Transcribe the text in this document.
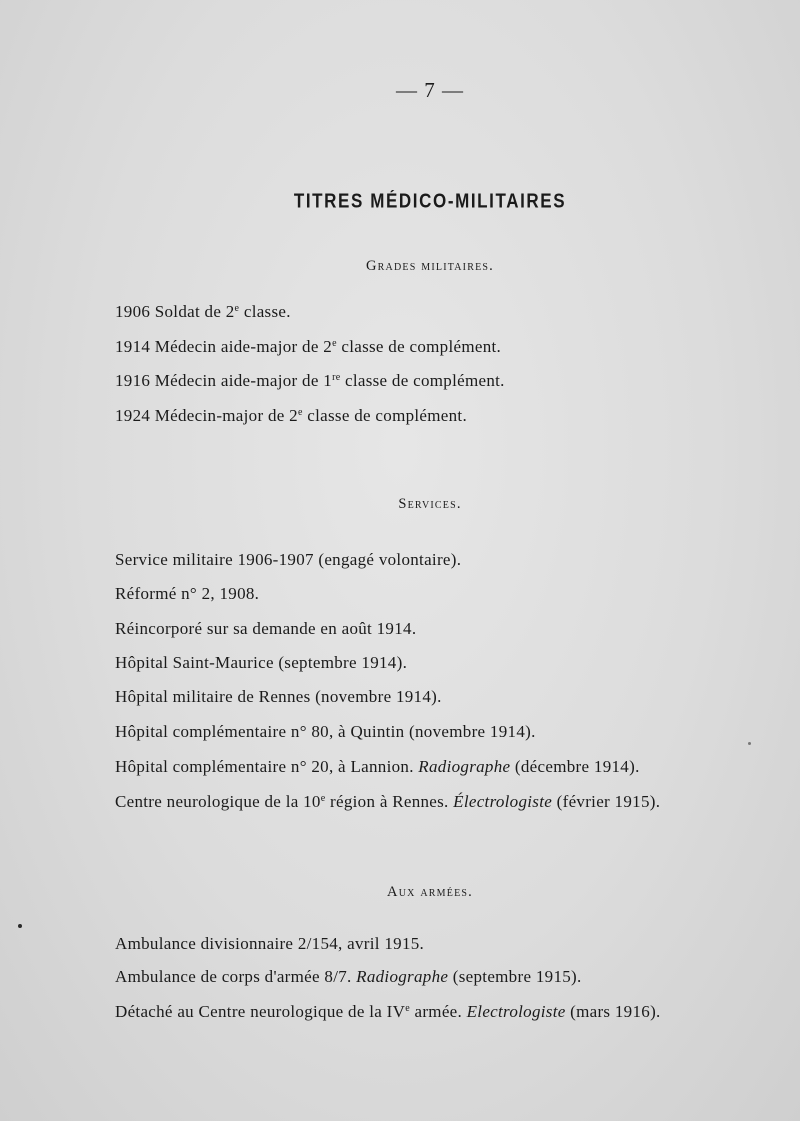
— 7 —
TITRES MÉDICO-MILITAIRES
Grades militaires.
1906 Soldat de 2e classe.
1914 Médecin aide-major de 2e classe de complément.
1916 Médecin aide-major de 1re classe de complément.
1924 Médecin-major de 2e classe de complément.
Services.
Service militaire 1906-1907 (engagé volontaire).
Réformé n° 2, 1908.
Réincorporé sur sa demande en août 1914.
Hôpital Saint-Maurice (septembre 1914).
Hôpital militaire de Rennes (novembre 1914).
Hôpital complémentaire n° 80, à Quintin (novembre 1914).
Hôpital complémentaire n° 20, à Lannion. Radiographe (décembre 1914).
Centre neurologique de la 10e région à Rennes. Électrologiste (février 1915).
Aux armées.
Ambulance divisionnaire 2/154, avril 1915.
Ambulance de corps d'armée 8/7. Radiographe (septembre 1915).
Détaché au Centre neurologique de la IVe armée. Electrologiste (mars 1916).
